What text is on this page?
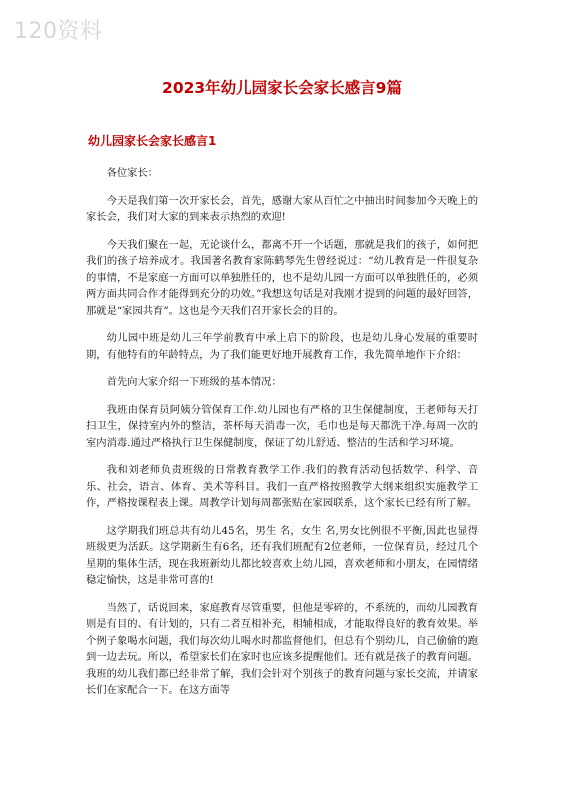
120资料
2023年幼儿园家长会家长感言9篇
幼儿园家长会家长感言1

各位家长：

今天是我们第一次开家长会，首先，感谢大家从百忙之中抽出时间参加今天晚上的家长会，我们对大家的到来表示热烈的欢迎!

今天我们聚在一起，无论谈什么，都离不开一个话题，那就是我们的孩子，如何把我们的孩子培养成才。我国著名教育家陈鹤琴先生曾经说过：“幼儿教育是一件很复杂的事情，不是家庭一方面可以单独胜任的，也不是幼儿园一方面可以单独胜任的，必须两方面共同合作才能得到充分的功效。”我想这句话是对我刚才提到的问题的最好回答，那就是“家园共育”。这也是今天我们召开家长会的目的。

幼儿园中班是幼儿三年学前教育中承上启下的阶段，也是幼儿身心发展的重要时期，有他特有的年龄特点，为了我们能更好地开展教育工作，我先简单地作下介绍：

首先向大家介绍一下班级的基本情况：

我班由保育员阿姨分管保育工作.幼儿园也有严格的卫生保健制度，王老师每天打扫卫生，保持室内外的整洁，茶杯每天消毒一次，毛巾也是每天都洗干净.每周一次的室内消毒.通过严格执行卫生保健制度，保证了幼儿舒适、整洁的生活和学习环境。

我和刘老师负责班级的日常教育教学工作.我们的教育活动包括数学、科学、音乐、社会，语言、体育、美术等科目。我们一直严格按照教学大纲来组织实施教学工作，严格按课程表上课。周教学计划每周都张贴在家园联系，这个家长已经有所了解。

这学期我们班总共有幼儿45名，男生 名，女生 名,男女比例很不平衡,因此也显得班级更为活跃。这学期新生有6名，还有我们班配有2位老师，一位保育员，经过几个星期的集体生活，现在我班新幼儿都比较喜欢上幼儿园，喜欢老师和小朋友，在园情绪稳定愉快，这是非常可喜的!

当然了，话说回来，家庭教育尽管重要，但他是零碎的，不系统的，而幼儿园教育则是有目的、有计划的，只有二者互相补充，相辅相成，才能取得良好的教育效果。举个例子象喝水问题，我们每次幼儿喝水时都监督他们，但总有个别幼儿，自己偷偷的跑到一边去玩。所以，希望家长们在家时也应该多提醒他们。还有就是孩子的教育问题。我班的幼儿我们都已经非常了解，我们会针对个别孩子的教育问题与家长交流，并请家长们在家配合一下。在这方面等
